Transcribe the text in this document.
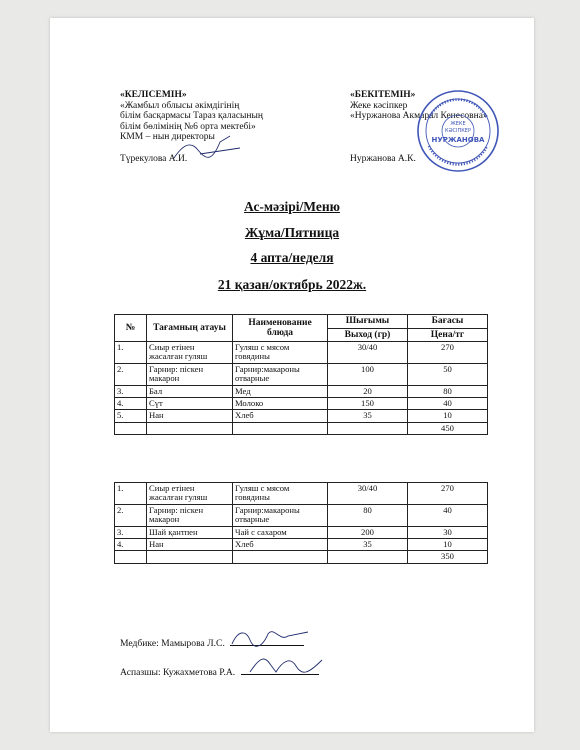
«КЕЛІСЕМІН»
«Жамбыл облысы әкімдігінің
білім басқармасы Тараз қаласының
білім бөлімінің №6 орта мектебі»
КММ – нын директоры
Түрекулова А.И.
«БЕКІТЕМІН»
Жеке кәсіпкер
«Нуржанова Акмарал Кенесовна»
Нуржанова А.К.
ЖЕКЕ
КӘСІПКЕР
НУРЖАНОВА
Ас-мәзірі/Меню
Жұма/Пятница
4 апта/неделя
21 қазан/октябрь 2022ж.
№	Тағамның атауы	Наименование блюда	Шығымы	Бағасы
			Выход (гр)	Цена/тг
1.	Сиыр етінен жасалған гуляш	Гуляш с мясом говядины	30/40	270
2.	Гарнир: піскен макарон	Гарнир:макароны отварные	100	50
3.	Бал	Мед	20	80
4.	Сүт	Молоко	150	40
5.	Нан	Хлеб	35	10
				450
1.	Сиыр етінен жасалған гуляш	Гуляш с мясом говядины	30/40	270
2.	Гарнир: піскен макарон	Гарнир:макароны отварные	80	40
3.	Шай қантпен	Чай с сахаром	200	30
4.	Нан	Хлеб	35	10
				350
Медбике: Мамырова Л.С.
Аспазшы: Кужахметова Р.А.
